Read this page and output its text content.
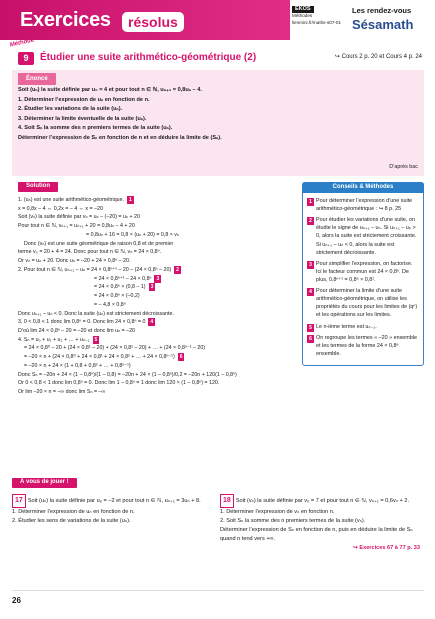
Exercices	résolus
EKOS
Méthodes
lienmini.fr/maths-s07-01
Les rendez-vous
Sésamath
Méthode
9	Étudier une suite arithmético-géométrique (2)	↪ Cours 2 p. 20 et Cours 4 p. 24
Énoncé
Soit (uₙ) la suite définie par u₀ = 4 et pour tout n ∈ ℕ, uₙ₊₁ = 0,8uₙ – 4.
1. Déterminer l’expression de uₙ en fonction de n.
2. Étudier les variations de la suite (uₙ).
3. Déterminer la limite éventuelle de la suite (uₙ).
4. Soit Sₙ la somme des n premiers termes de la suite (uₙ).
Déterminer l’expression de Sₙ en fonction de n et en déduire la limite de (Sₙ).
D’après bac
Solution
1. (uₙ) est une suite arithmético-géométrique. 1
x = 0,8x – 4 ⇔ 0,2x = – 4 ⇔ x = –20
Soit (vₙ) la suite définie par vₙ = uₙ – (–20) = uₙ + 20
Pour tout n ∈ ℕ, vₙ₊₁ = uₙ₊₁ + 20 = 0,8uₙ – 4 + 20
= 0,8uₙ + 16 = 0,8 × (uₙ + 20) = 0,8 × vₙ
Donc (vₙ) est une suite géométrique de raison 0,8 et de premier
terme v₀ = 20 + 4 = 24. Donc pour tout n ∈ ℕ, vₙ = 24 × 0,8ⁿ.
Or vₙ = uₙ + 20. Donc uₙ = –20 + 24 × 0,8ⁿ – 20.
2. Pour tout n ∈ ℕ, uₙ₊₁ – uₙ = 24 × 0,8ⁿ⁺¹ – 20 – (24 × 0,8ⁿ – 20) 2
= 24 × 0,8ⁿ⁺¹ – 24 × 0,8ⁿ 3
= 24 × 0,8ⁿ × (0,8 – 1) 3
= 24 × 0,8ⁿ × (–0,2)
= – 4,8 × 0,8ⁿ
Donc uₙ₊₁ – uₙ < 0. Donc la suite (uₙ) est strictement décroissante.
3. 0 < 0,8 < 1 donc lim 0,8ⁿ = 0. Donc lim 24 × 0,8ⁿ = 0 4
D’où lim 24 × 0,8ⁿ – 20 = –20 et donc lim uₙ = –20
4. Sₙ = u₀ + u₁ + u₂ + … + uₙ₋₁ 5
= 24 × 0,8⁰ – 20 + (24 × 0,8¹ – 20) + (24 × 0,8² – 20) + … + (24 × 0,8ⁿ⁻¹ – 20)
= –20 × n + (24 × 0,8⁰ + 24 × 0,8¹ + 24 × 0,8² + … + 24 × 0,8ⁿ⁻¹) 6
= –20 × n + 24 × (1 + 0,8 + 0,8² + … + 0,8ⁿ⁻¹)
Donc Sₙ = –20n + 24 × (1 – 0,8ⁿ)/(1 – 0,8) = –20n + 24 × (1 – 0,8ⁿ)/0,2 = –20n + 120(1 – 0,8ⁿ)
Or 0 < 0,8 < 1 donc lim 0,8ⁿ = 0. Donc lim 1 – 0,8ⁿ = 1 donc lim 120 × (1 – 0,8ⁿ) = 120.
Or lim –20 × n = –∞ donc lim Sₙ = –∞
Conseils & Méthodes
1 Pour déterminer l’expression d’une suite arithmético-géométrique : ↪ 8 p. 25
2 Pour étudier les variations d’une suite, on étudie le signe de uₙ₊₁ – uₙ. Si uₙ₊₁ – uₙ > 0, alors la suite est strictement croissante. Si uₙ₊₁ – uₙ < 0, alors la suite est strictement décroissante.
3 Pour simplifier l’expression, on factorise. Ici le facteur commun est 24 × 0,8ⁿ. De plus, 0,8ⁿ⁺¹ = 0,8ⁿ × 0,8¹.
4 Pour déterminer la limite d’une suite arithmético-géométrique, on utilise les propriétés du cours pour les limites de (qⁿ) et les opérations sur les limites.
5 Le n-ième terme est uₙ₋₁.
6 On regroupe les termes « –20 » ensemble et les termes de la forme 24 × 0,8ⁿ ensemble.
À vous de jouer !
17 Soit (uₙ) la suite définie par u₀ = –2 et pour tout n ∈ ℕ, uₙ₊₁ = 3uₙ + 8.
1. Déterminer l’expression de uₙ en fonction de n.
2. Étudier les sens de variations de la suite (uₙ).
18 Soit (vₙ) la suite définie par v₀ = 7 et pour tout n ∈ ℕ, vₙ₊₁ = 0,6vₙ + 2.
1. Déterminer l’expression de vₙ en fonction n.
2. Soit Sₙ la somme des n premiers termes de la suite (vₙ).
Déterminer l’expression de Sₙ en fonction de n, puis en déduire la limite de Sₙ quand n tend vers +∞.
↪ Exercices 67 à 77 p. 33
26
